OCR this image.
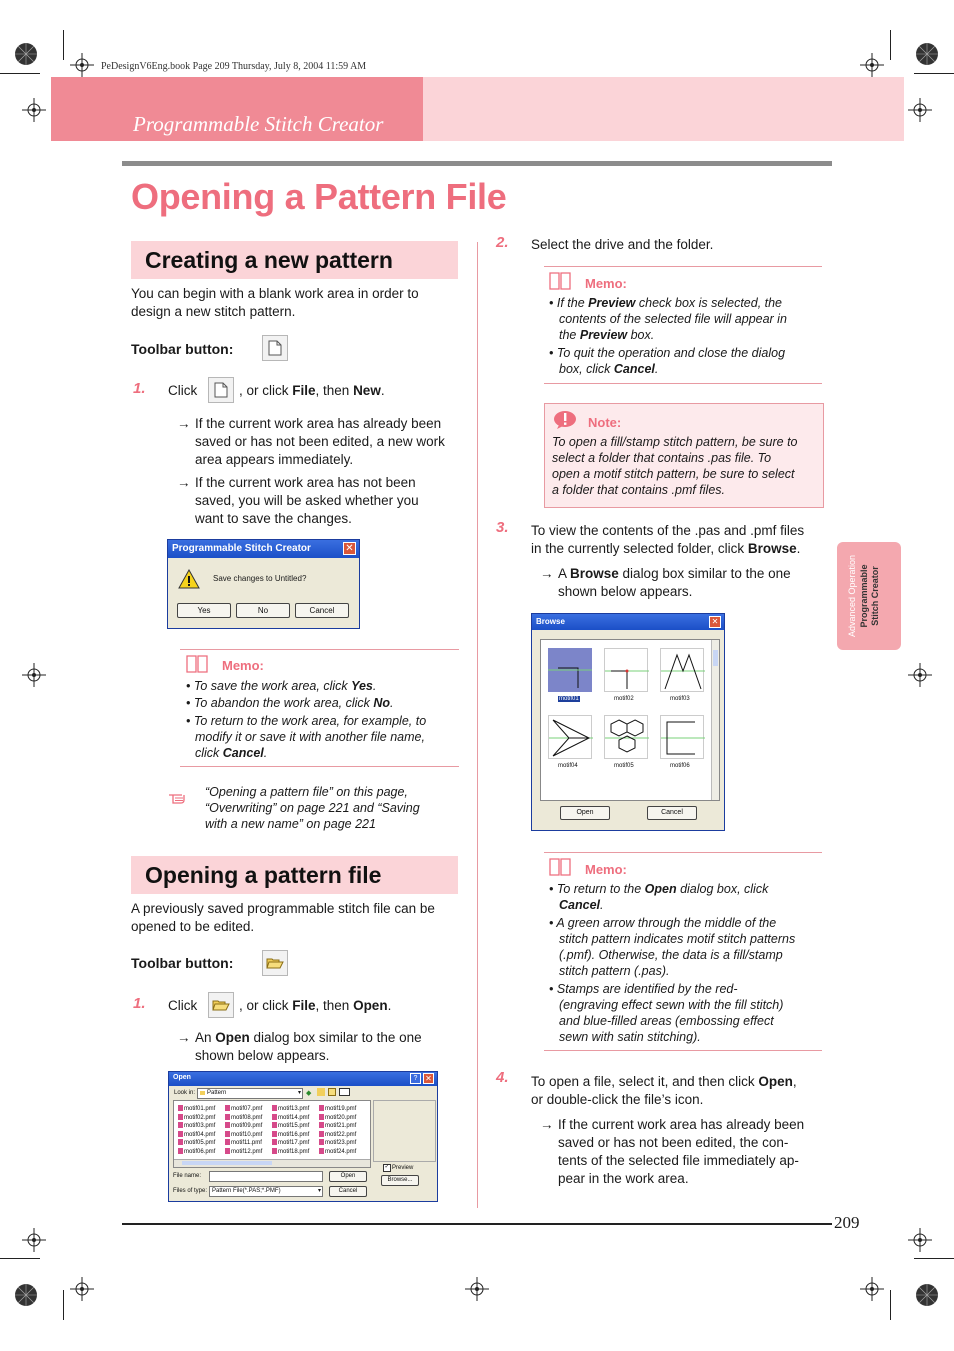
PeDesignV6Eng.book Page 209 Thursday, July 8, 2004 11:59 AM
Programmable Stitch Creator
Opening a Pattern File
Advanced Operation Programmable Stitch Creator
Creating a new pattern
You can begin with a blank work area in order to
design a new stitch pattern.
Toolbar button:
1. Click	, or click File, then New.
→ If the current work area has already been
saved or has not been edited, a new work
area appears immediately.
→ If the current work area has not been
saved, you will be asked whether you
want to save the changes.
Programmable Stitch Creator	✕
Save changes to Untitled?
Yes	No	Cancel
Memo:
• To save the work area, click Yes.
• To abandon the work area, click No.
• To return to the work area, for example, to
modify it or save it with another file name,
click Cancel.
“Opening a pattern file” on this page,
“Overwriting” on page 221 and “Saving
with a new name” on page 221
Opening a pattern file
A previously saved programmable stitch file can be
opened to be edited.
Toolbar button:
1. Click	, or click File, then Open.
→ An Open dialog box similar to the one
shown below appears.
Open	? ✕
Look in: Pattern	▾ ◆
motif01.pmf
motif02.pmf
motif03.pmf
motif04.pmf
motif05.pmf
motif06.pmf
motif07.pmf
motif08.pmf
motif09.pmf
motif10.pmf
motif11.pmf
motif12.pmf
motif13.pmf
motif14.pmf
motif15.pmf
motif16.pmf
motif17.pmf
motif18.pmf
motif19.pmf
motif20.pmf
motif21.pmf
motif22.pmf
motif23.pmf
motif24.pmf
File name:
Files of type: Pattern File(*.PAS;*.PMF)	▾
Open
Cancel
✓ Preview
Browse...
2. Select the drive and the folder.
Memo:
• If the Preview check box is selected, the
contents of the selected file will appear in
the Preview box.
• To quit the operation and close the dialog
box, click Cancel.
Note:
To open a fill/stamp stitch pattern, be sure to
select a folder that contains .pas file. To
open a motif stitch pattern, be sure to select
a folder that contains .pmf files.
3. To view the contents of the .pas and .pmf files
in the currently selected folder, click Browse.
→ A Browse dialog box similar to the one
shown below appears.
Browse	✕
motif01	motif02	motif03
motif04	motif05	motif06
Open	Cancel
Memo:
• To return to the Open dialog box, click
Cancel.
• A green arrow through the middle of the
stitch pattern indicates motif stitch patterns
(.pmf). Otherwise, the data is a fill/stamp
stitch pattern (.pas).
• Stamps are identified by the red-
(engraving effect sewn with the fill stitch)
and blue-filled areas (embossing effect
sewn with satin stitching).
4. To open a file, select it, and then click Open,
or double-click the file’s icon.
→ If the current work area has already been
saved or has not been edited, the con-
tents of the selected file immediately ap-
pear in the work area.
209
